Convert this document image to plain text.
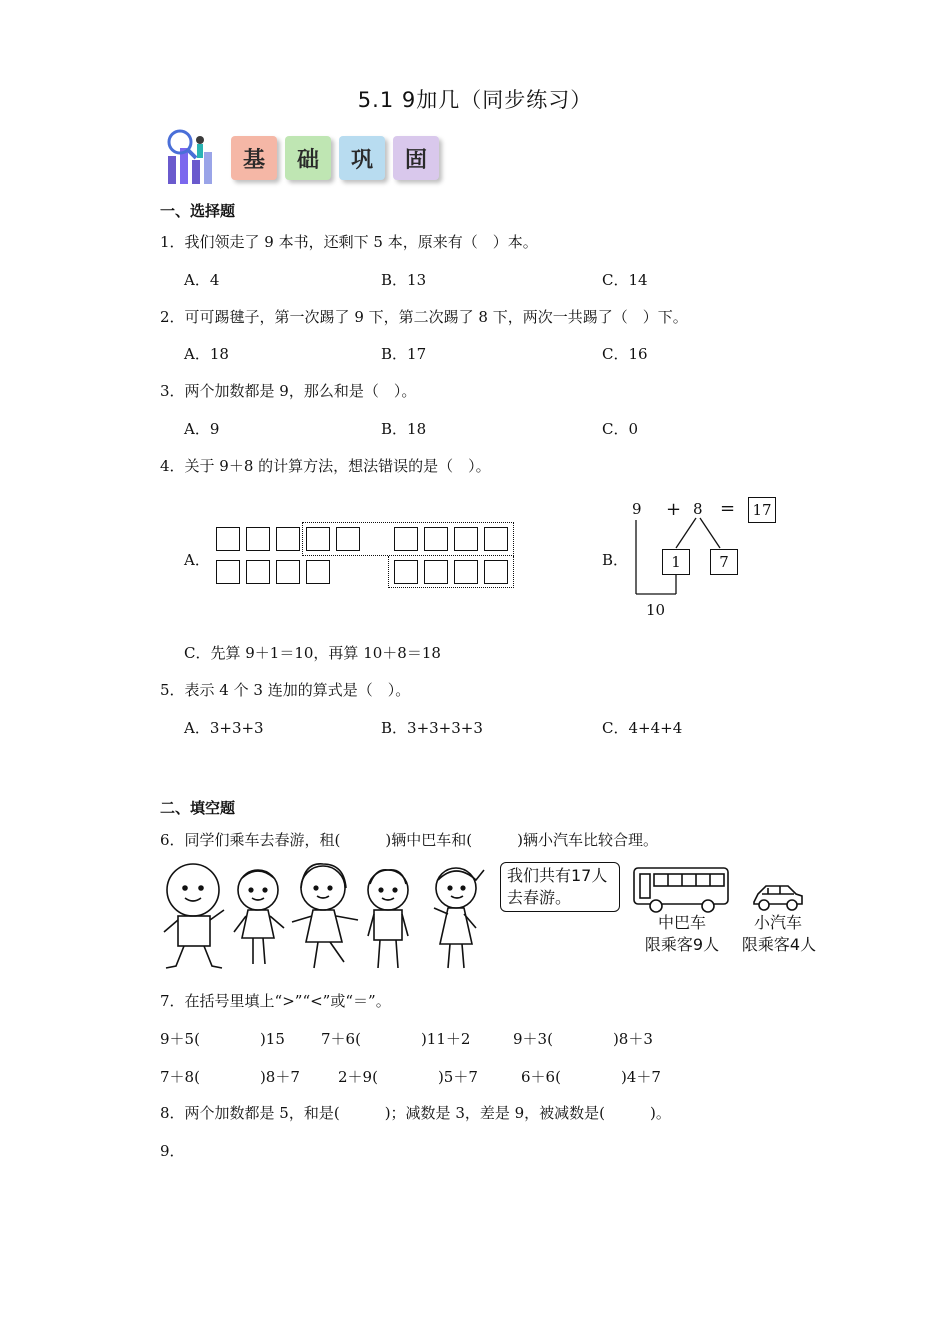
5.1 9加几（同步练习）
基	础	巩	固
一、选择题
1．我们领走了 9 本书，还剩下 5 本，原来有（　）本。
A．4	B．13	C．14
2．可可踢毽子，第一次踢了 9 下，第二次踢了 8 下，两次一共踢了（　）下。
A．18	B．17	C．16
3．两个加数都是 9，那么和是（　）。
A．9	B．18	C．0
4．关于 9＋8 的计算方法，想法错误的是（　）。
A．	B．
9 + 8 = 17
1	7
10
C．先算 9＋1＝10，再算 10＋8＝18
5．表示 4 个 3 连加的算式是（　）。
A．3+3+3	B．3+3+3+3	C．4+4+4
二、填空题
6．同学们乘车去春游，租(　　　)辆中巴车和(　　　)辆小汽车比较合理。
我们共有17人
去春游。
中巴车
限乘客9人
小汽车
限乘客4人
7．在括号里填上“>”“<”或“＝”。
9＋5(　　　　)15 7＋6(　　　　)11＋2	9＋3(　　　　)8＋3
7＋8(　　　　)8＋7	2＋9(　　　　)5＋7	6＋6(　　　　)4＋7
8．两个加数都是 5，和是(　　　)；减数是 3，差是 9，被减数是(　　　)。
9．
